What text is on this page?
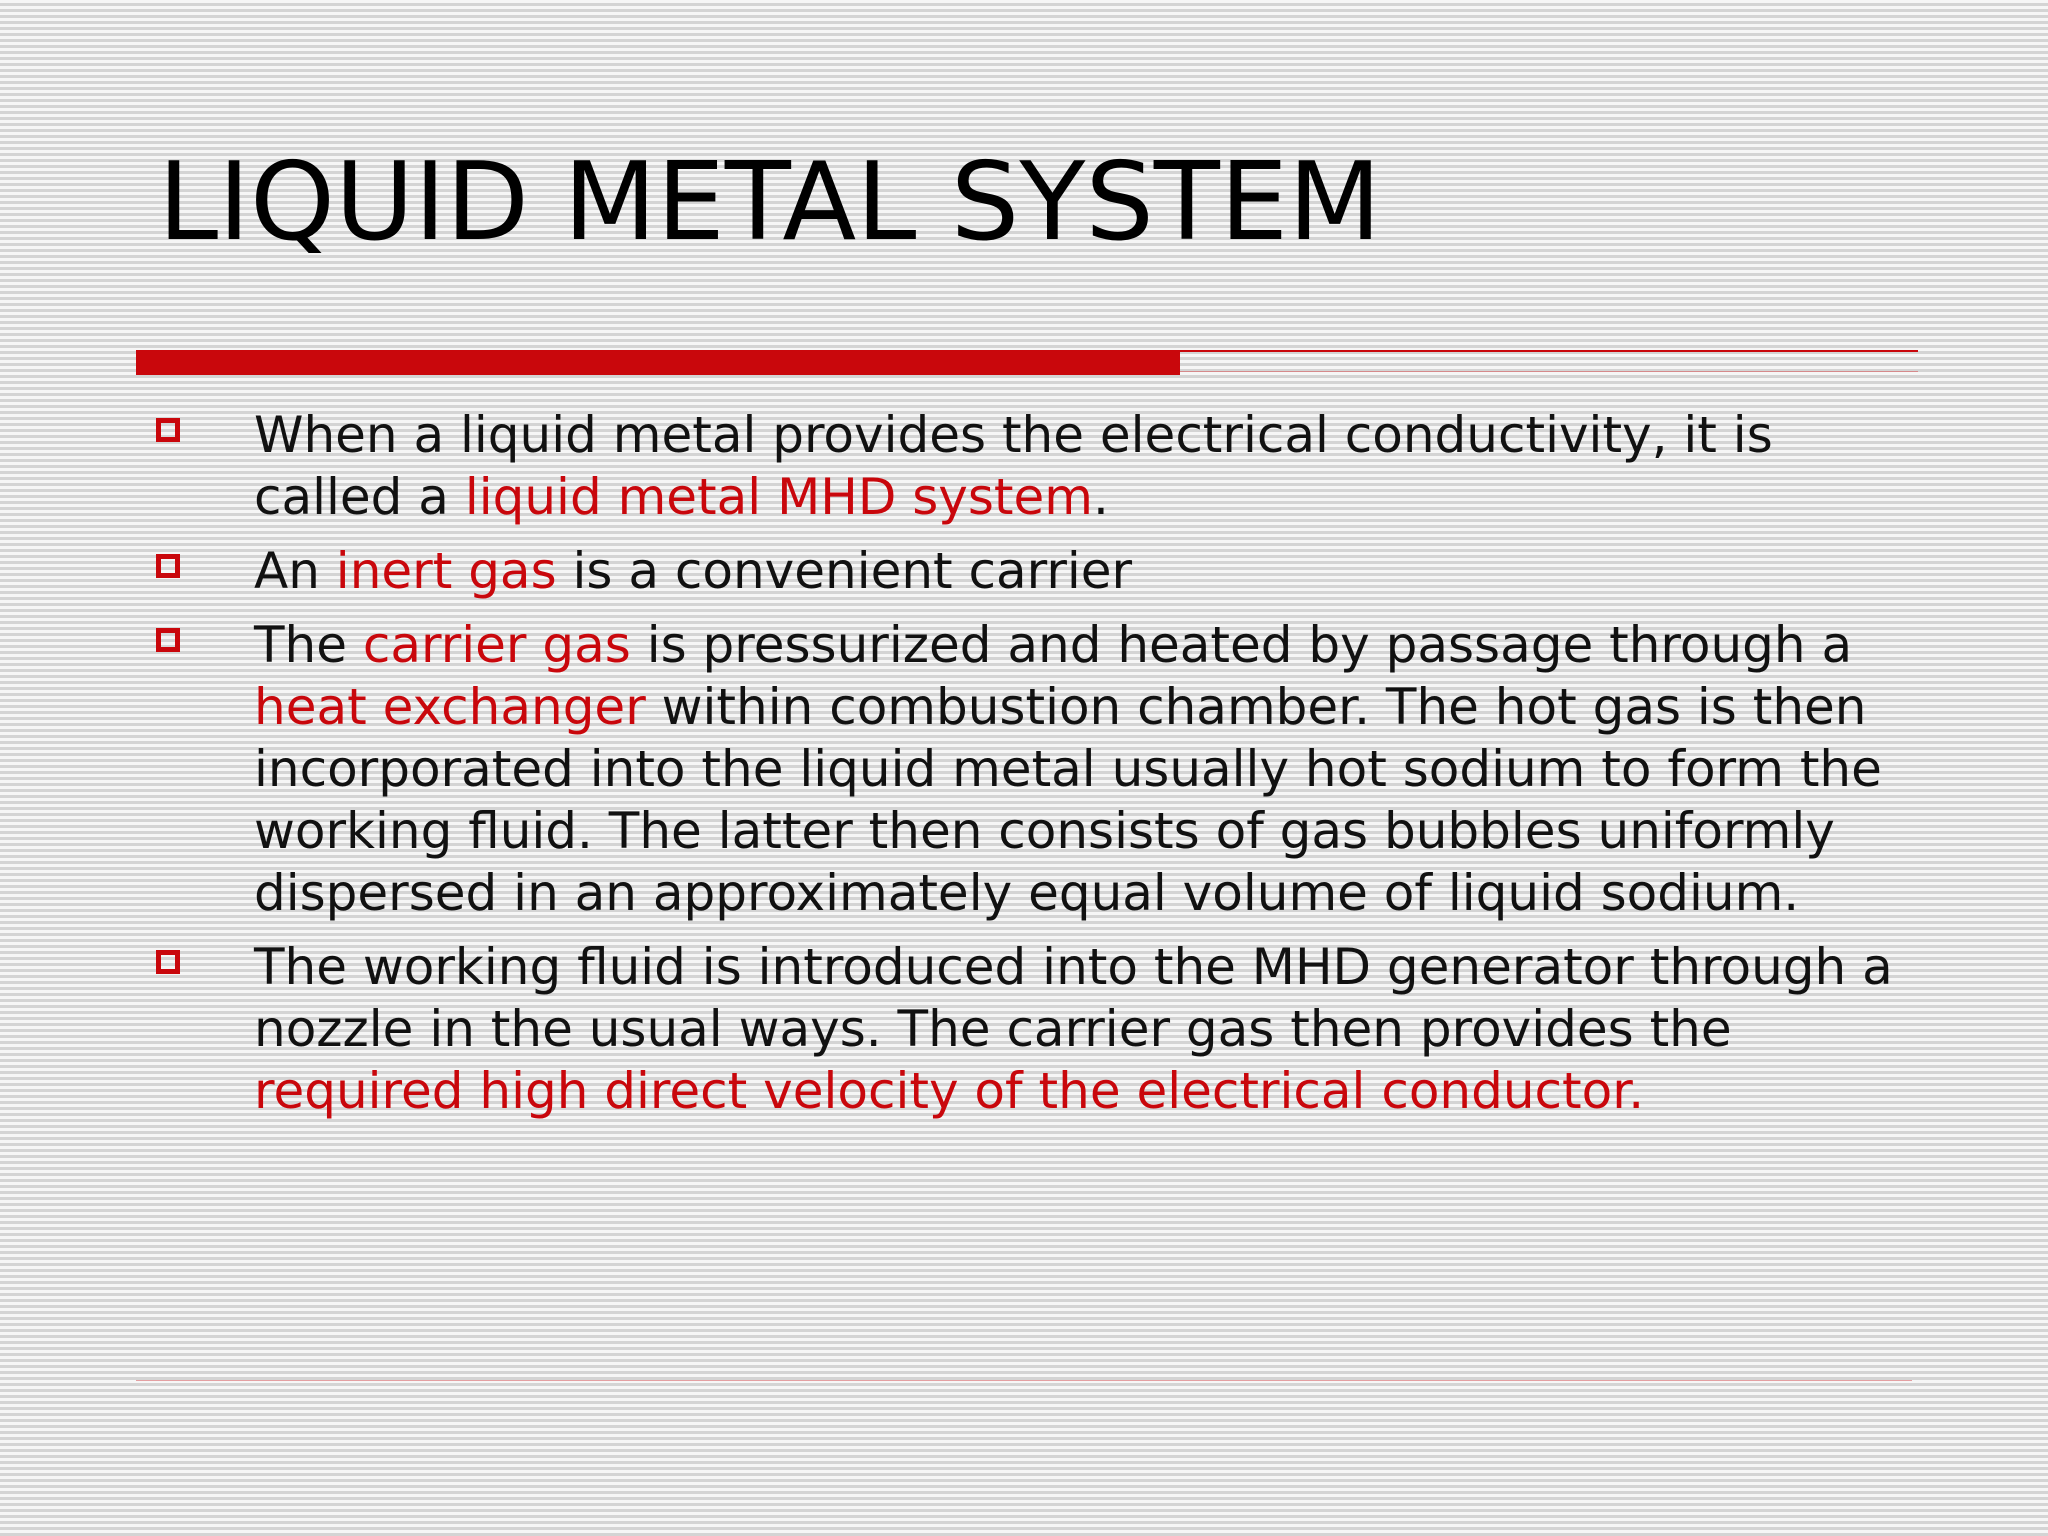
LIQUID METAL SYSTEM
When a liquid metal provides the electrical conductivity, it is called a liquid metal MHD system.
An inert gas is a convenient carrier
The carrier gas is pressurized and heated by passage through a heat exchanger within combustion chamber. The hot gas is then incorporated into the liquid metal usually hot sodium to form the working fluid. The latter then consists of gas bubbles uniformly dispersed in an approximately equal volume of liquid sodium.
The working fluid is introduced into the MHD generator through a nozzle in the usual ways. The carrier gas then provides the required high direct velocity of the electrical conductor.
